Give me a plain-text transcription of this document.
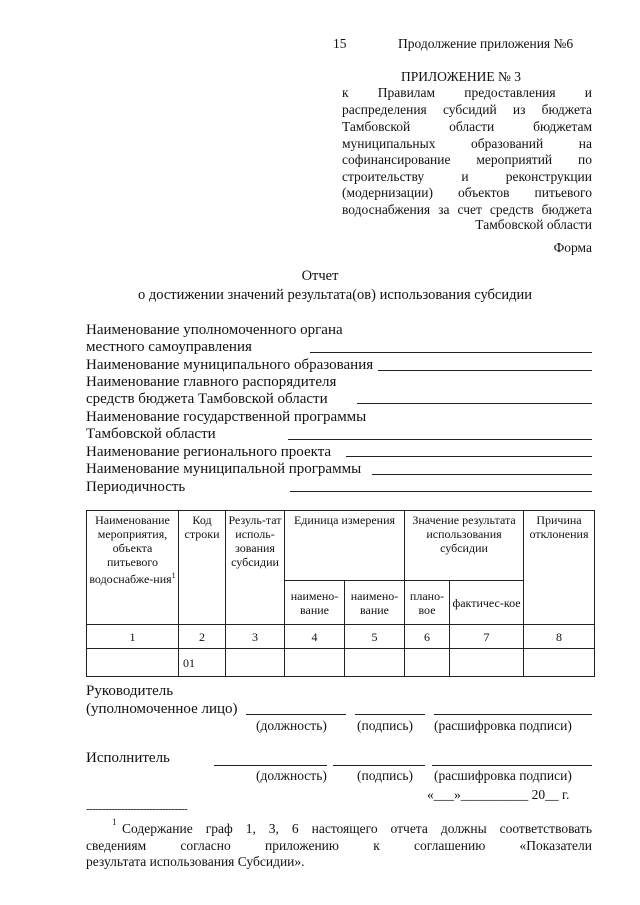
15	Продолжение приложения №6
ПРИЛОЖЕНИЕ № 3
к Правилам предоставления и
распределения субсидий из бюджета
Тамбовской области бюджетам
муниципальных образований на
софинансирование мероприятий по
строительству и реконструкции
(модернизации) объектов питьевого
водоснабжения за счет средств бюджета
Тамбовской области
Форма
Отчет
о достижении значений результата(ов) использования субсидии
Наименование уполномоченного органа
местного самоуправления
Наименование муниципального образования
Наименование главного распорядителя
средств бюджета Тамбовской области
Наименование государственной программы
Тамбовской области
Наименование регионального проекта
Наименование муниципальной программы
Периодичность
Наименование мероприятия, объекта питьевого водоснабже-ния$^1$	Код строки	Резуль-тат исполь-зования субсидии	Единица измерения		Значение результата использования субсидии		Причина отклонения
			наимено-вание	наимено-вание	плано-вое	фактичес-кое	
1	2	3	4	5	6	7	8
	01						
Руководитель
(уполномоченное лицо)
(должность) (подпись) (расшифровка подписи)
Исполнитель
(должность) (подпись) (расшифровка подписи)
«___»__________ 20__ г.
--------------------------------
1 Содержание граф 1, 3, 6 настоящего отчета должны соответствовать
сведениям согласно приложению к соглашению «Показатели
результата использования Субсидии».
